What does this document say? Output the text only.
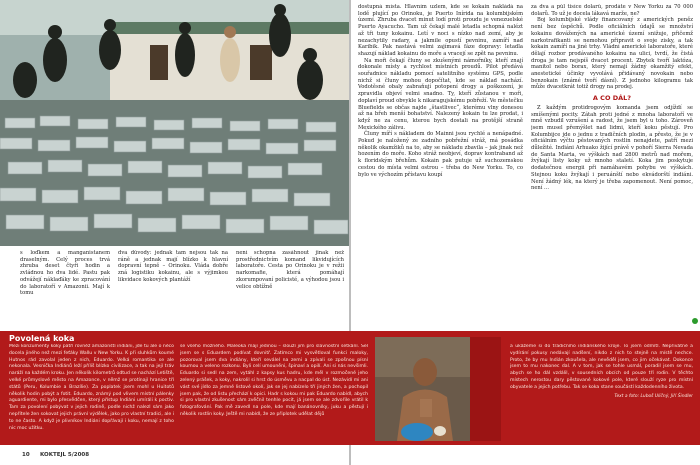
s loďkem a manganistanem draselným. Celý proces trvá zhruba deset čtyři hodin a zvládnou ho dva lidé. Pastu pak odvážejí náklaďáky ke zpracování do laboratoří v Amazonii. Mají k tomu

dva důvody: jednak tam nejsou tak na ráně a jednak mají blízko k hlavní dopravní tepně – Orinoku. Vláda dobře zná logistiku kokainu, ale s výjimkou likvidace kokových plantáží

není schopna zasáhnout jinak než prostřednictvím komand likvidujících laboratoře. Cesta po Orinoku je v režii narkomafie, která pomáhají zkorumpovaní policisté, a výhodou jsou i velice obtížně

dostupná místa. Hlavním uzlem, kde se kokain nakládá na lodě plující po Orinoku, je Puerto Inírida na kolumbijském území. Zhruba dvacet minut lodí proti proudu je venezuelské Puerto Ayacucho. Tam už čekají malé letadla schopná nalézt až tři tuny kokainu. Letí v noci s nízko nad zemí, aby je nezachytily radary, a jakmile opustí pevninu, zamíří nad Karibik. Pak nastává velmi zajímavá fáze dopravy: letadla shazují náklad kokainu do moře a vracejí se zpět na pevninu.

Na moři čekají čluny se zkušenými námořníky, kteří znají dokonale místy a rychlost místních proudů. Pilot předává souřadnice nákladu pomocí satelitního systému GPS, podle nichž si čluny mohou dopočítat, kde se náklad nachází. Vodotěsné obaly zabraňují potopení drogy a poškození, je zpravidla objeví velmi snadno. Ty, kteří zůstanou v moři, doplaví proud obvykle k nikaragujskému pobřeží. Ve městečku Bluefields se občas najde „štastlivec“, kterému vlny donesou až na břeh menší bohatství. Nalezený kokain tu lze prodat, i když ne za cenu, kterou bych dostali na protější straně Mexického zálivu.

Čluny míří s nákladem do Mainni jsou rychlé a nenápadné. Pokud je naložený ze zadního pobřežní stráž, má posádka několik okamžiků na to, aby se nákladu zbavila – jak jinak než hozením do moře. Koho stráž neobjeví, doprav kontraband až k floridským břehům. Kokain pak putuje už suchozemskou cestou do místa velmi ostrou – třeba do New Yorku. To, co bylo ve výchozím přístavu koupí

za dva a půl tisíce dolarů, prodáte v New Yorku za 70 000 dolarů. To už je docela lákavá marže, ne?

Boj kolumbijské vlády financovaný z amerických peněz není bez úspěchů. Podle oficiálních údajů se množství kokainu dovážených na americké území snižuje, přičemž narkotrafikanti se nemohou připravit o svoje zisky, a tak kokain zamíří na jiné trhy. Vládní americké laboratoře, které dělají rozbor prodávaného kokainu na ulici, tvrdí, že čistá droga je tam nejspíš dvacet procent. Zbytek tvoří laktóza, manitol nebo borax, který nemají žádný okamžitý efekt, anestetické účinky vyvolává přidávaný novokain nebo benzokain (známé tvoří dásní). Z jednoho kilogramu tak může dvacetkrát totiž drogy na prodej.

A CO DÁL?

Z každým protidrogovým komanda jsem odjíždí se smíšenými pocity. Zátah proti jedné z mnoha laboratoří ve mně vzbudil vzrušení a radost, že jsem byl u toho. Zároveň jsem musel přemýšlet nad lidmi, kteří koku pěstují. Pro Kolumbijce jde o jednu z tradičních plodin, a přesto, že je v oficiálním výčtu pěstovaných rostlin nenajdete, patří mezi důležité. Indiáni Arhuako žijící právě v pohoří Sierra Nevada de Santa Marta, ve výškách nad 2800 metrů nad mořem, žvýkají listy koky už mnoho staletí. Koka jim poskytuje dodatečnou energii při namáhavém pohybu ve výškách. Stejnou koku žvýkají i peruánští nebo ekvádorští indiáni. Není žádný lék, na který je třeba zapomenout. Není pomoc, není ...

Povolená koka

Mezi konzumenty koky patří rovněž amazonští indiáni, jde tu ale o něco docela jiného než mezi feťáky Wallu v New Yorku. K při sluhkům koumé Hutnos rád zavolal jeden z nich, Eduardo. Velká romantika se ale nekonala. Vesnička Indiánů leží příliš blízko civilizace, a tak na její tráv naráží na každém kroku. Jen několik kilometrů odtud se nachází Letiště, velké průmyslové město na Amazonce, v němž se protínají hranice tří států (Peru, Kolumbie a Brazílie). Za poplatek jsem mohl u Huitotů několik hodin pobýt a fotit. Eduardo, známý pod vlivem místní pálenky aguardiente, mi bylo přesvědčen, který přístup Indiáni umíráli k poctiv. Tam za povolení pobývat v jejich rodině, podle nichž nalezl sám jako nepřítele žen sokovat jejich právní výdělek, jako pro vlastní tradici, ale i to ne často. A když je plivníkov Indiáni dopřávají i koku, nemají z toho nic moc užitku.

se všeho možného. Maleoka mají jedinou – slouží jim pro slavnostní setkání. Šel jsem se s Eduardem podívat dovnitř. Zatímco mi vysvětloval funkci maloky, pozoroval jsem dva indiány, kteří seválel na zemi a zpívali se zpošnou písní koumou a veleno rozkonu. Byli celí umouněni, špinaví a opilí. Ani si nás nevšimli. Eduardo si sedl na zem, vytáhl z kapsy kus hadru, kde měl v rozmočené jeho zelený prášek, a koky, nakrolil si hrst do úsměvu a nacpal do úst. Nezávidí mi ani vást své jídlo za jemné listové okolí, jak se jej nabízelo tří jiných žen, a pochopil jsem pak, že od listu přechází k opici. Hadr s kokou mi pak Eduardo nabídl, abych si pro vlastní zkušenost sám zvěčnil tenhle pocit, já jsem se ale zdvořile vrátil k fotografování. Pak mě zavedl na pole, kde mají banánovníky, juku a pěstují i několik rostlin koky. Ještě mi nabídl, že ze připlotek udělat dějů

a ukážeme si do tradičního indiánského kroje. To jsem odmítl. Nepřivátné a vydírání pokusy nedávají nadšení, nikdo z nich to stejně na místě nechce. Proto, že by mu Indián zkoušela, ale nevěděl jsem, co jim očekávat. Dokonce jsem to mu nakonec dal. A v tom, jak se tohle usmál, poradil jsem se mu, abych se ho dál vzdálil, v sousedních obcích od pouze tří rodin. V těchto místech nerostou dary pěstované kokové pole, které slouží ryze pro místní obyvatele a jejich potřebu. Tak se koka stane součástí každodenního života.

Text a foto: Luboš Uličný, Jiří Šindler
10 KOKTEJL 5/2008
